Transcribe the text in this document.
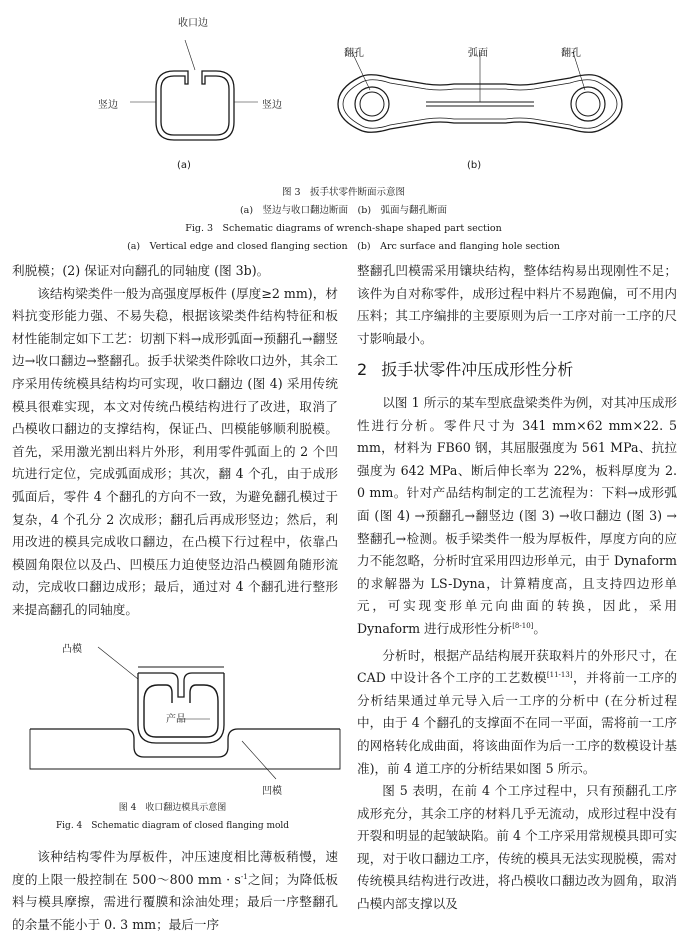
收口边
竖边	竖边
(a)
翻孔	弧面	翻孔
(b)
图 3　扳手状零件断面示意图
(a)　竖边与收口翻边断面　(b)　弧面与翻孔断面
Fig. 3　Schematic diagrams of wrench-shape shaped part section
(a)　Vertical edge and closed flanging section　(b)　Arc surface and flanging hole section

利脱模；(2) 保证对向翻孔的同轴度 (图 3b)。

该结构梁类件一般为高强度厚板件 (厚度≥2 mm)，材料抗变形能力强、不易失稳，根据该梁类件结构特征和板材性能制定如下工艺：切割下料→成形弧面→预翻孔→翻竖边→收口翻边→整翻孔。扳手状梁类件除收口边外，其余工序采用传统模具结构均可实现，收口翻边 (图 4) 采用传统模具很难实现，本文对传统凸模结构进行了改进，取消了凸模收口翻边的支撑结构，保证凸、凹模能够顺利脱模。首先，采用激光割出料片外形，利用零件弧面上的 2 个凹坑进行定位，完成弧面成形；其次，翻 4 个孔，由于成形弧面后，零件 4 个翻孔的方向不一致，为避免翻孔模过于复杂，4 个孔分 2 次成形；翻孔后再成形竖边；然后，利用改进的模具完成收口翻边，在凸模下行过程中，依靠凸模圆角限位以及凸、凹模压力迫使竖边沿凸模圆角随形流动，完成收口翻边成形；最后，通过对 4 个翻孔进行整形来提高翻孔的同轴度。

凸模
产品
凹模
图 4　收口翻边模具示意图
Fig. 4　Schematic diagram of closed flanging mold

该种结构零件为厚板件，冲压速度相比薄板稍慢，速度的上限一般控制在 500～800 mm · $s^{-1}$之间；为降低板料与模具摩擦，需进行覆膜和涂油处理；最后一序整翻孔的余量不能小于 0. 3 mm；最后一序

整翻孔凹模需采用镶块结构，整体结构易出现刚性不足；该件为自对称零件，成形过程中料片不易跑偏，可不用内压料；其工序编排的主要原则为后一工序对前一工序的尺寸影响最小。

2 扳手状零件冲压成形性分析

以图 1 所示的某车型底盘梁类件为例，对其冲压成形性进行分析。零件尺寸为 341 mm×62 mm×22. 5 mm，材料为 FB60 钢，其屈服强度为 561 MPa、抗拉强度为 642 MPa、断后伸长率为 22%，板料厚度为 2. 0 mm。针对产品结构制定的工艺流程为：下料→成形弧面 (图 4) →预翻孔→翻竖边 (图 3) →收口翻边 (图 3) →整翻孔→检测。板手梁类件一般为厚板件，厚度方向的应力不能忽略，分析时宜采用四边形单元，由于 Dynaform 的求解器为 LS-Dyna，计算精度高，且支持四边形单元，可实现变形单元向曲面的转换，因此，采用 Dynaform 进行成形性分析[8-10]。

分析时，根据产品结构展开获取料片的外形尺寸，在 CAD 中设计各个工序的工艺数模[11-13]，并将前一工序的分析结果通过单元导入后一工序的分析中 (在分析过程中，由于 4 个翻孔的支撑面不在同一平面，需将前一工序的网格转化成曲面，将该曲面作为后一工序的数模设计基准)，前 4 道工序的分析结果如图 5 所示。

图 5 表明，在前 4 个工序过程中，只有预翻孔工序成形充分，其余工序的材料几乎无流动，成形过程中没有开裂和明显的起皱缺陷。前 4 个工序采用常规模具即可实现，对于收口翻边工序，传统的模具无法实现脱模，需对传统模具结构进行改进，将凸模收口翻边改为圆角，取消凸模内部支撑以及
